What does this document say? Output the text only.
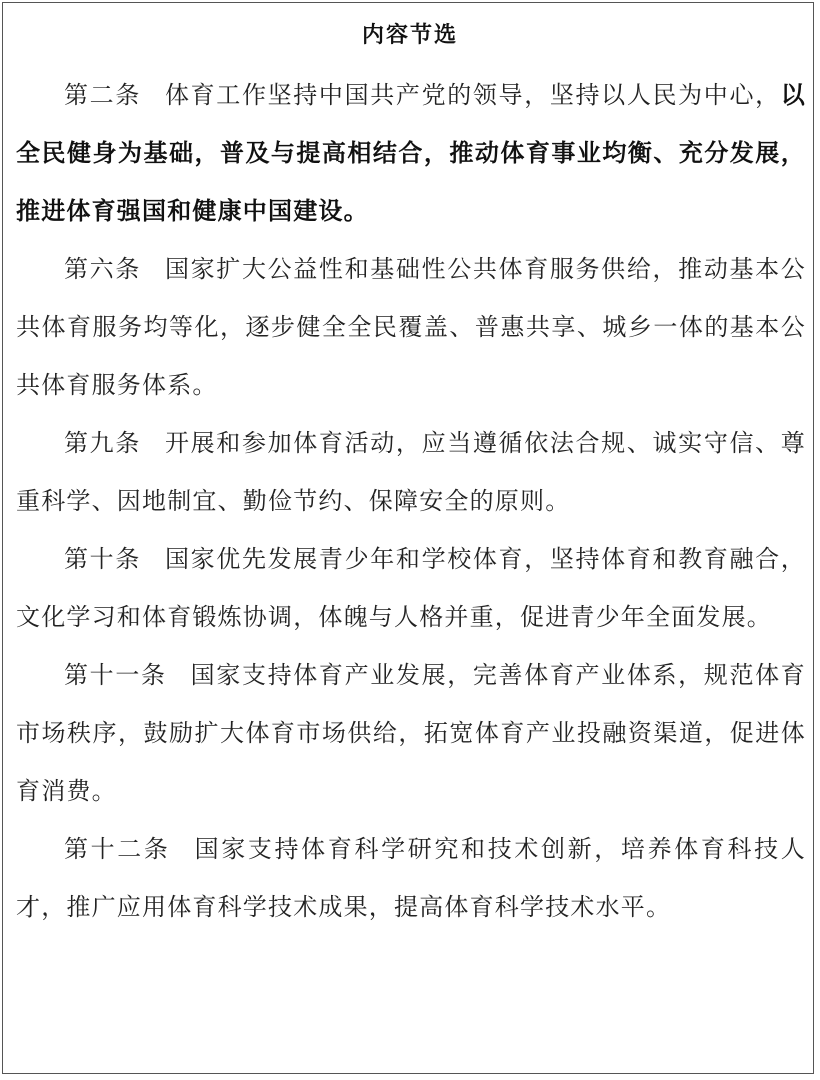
内容节选

第二条 体育工作坚持中国共产党的领导，坚持以人民为中心，以全民健身为基础，普及与提高相结合，推动体育事业均衡、充分发展，推进体育强国和健康中国建设。

第六条 国家扩大公益性和基础性公共体育服务供给，推动基本公共体育服务均等化，逐步健全全民覆盖、普惠共享、城乡一体的基本公共体育服务体系。

第九条 开展和参加体育活动，应当遵循依法合规、诚实守信、尊重科学、因地制宜、勤俭节约、保障安全的原则。

第十条 国家优先发展青少年和学校体育，坚持体育和教育融合，文化学习和体育锻炼协调，体魄与人格并重，促进青少年全面发展。

第十一条 国家支持体育产业发展，完善体育产业体系，规范体育市场秩序，鼓励扩大体育市场供给，拓宽体育产业投融资渠道，促进体育消费。

第十二条 国家支持体育科学研究和技术创新，培养体育科技人才，推广应用体育科学技术成果，提高体育科学技术水平。
